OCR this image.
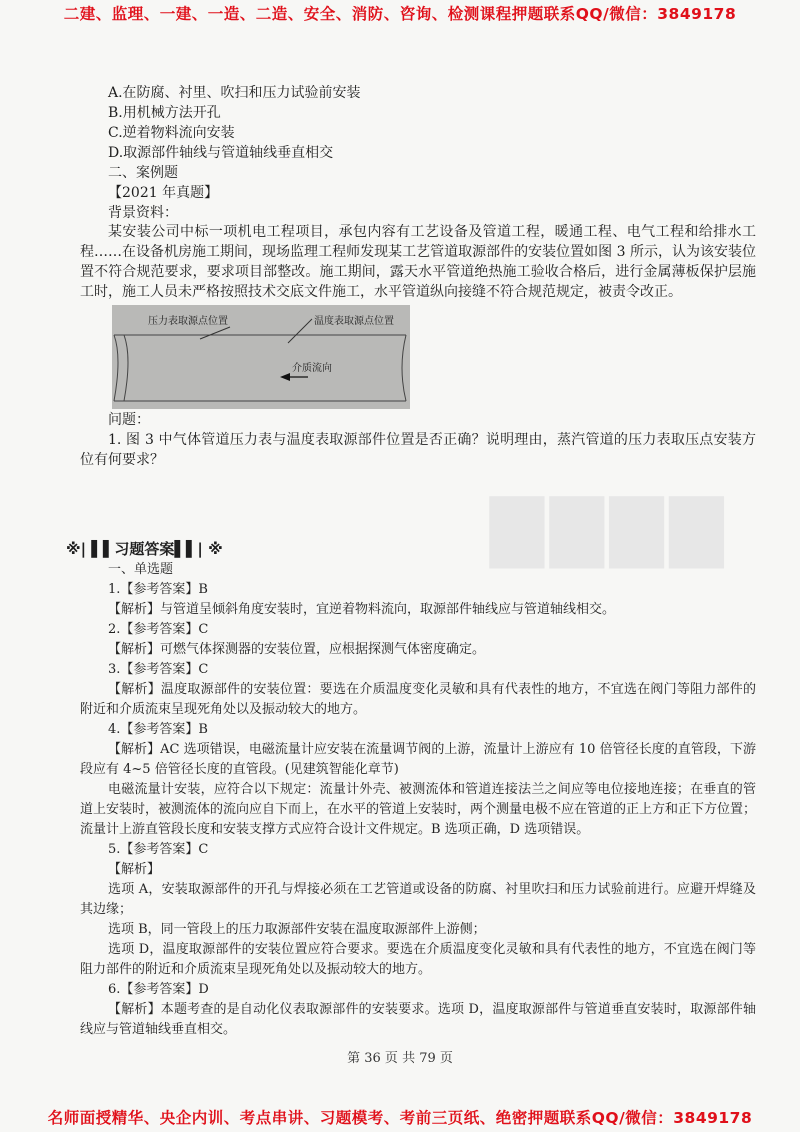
二建、监理、一建、一造、二造、安全、消防、咨询、检测课程押题联系QQ/微信：3849178
▇▇▇▇
A.在防腐、衬里、吹扫和压力试验前安装
B.用机械方法开孔
C.逆着物料流向安装
D.取源部件轴线与管道轴线垂直相交
二、案例题
【2021 年真题】
背景资料：
某安装公司中标一项机电工程项目，承包内容有工艺设备及管道工程，暖通工程、电气工程和给排水工程……在设备机房施工期间，现场监理工程师发现某工艺管道取源部件的安装位置如图 3 所示，认为该安装位置不符合规范要求，要求项目部整改。施工期间，露天水平管道绝热施工验收合格后，进行金属薄板保护层施工时，施工人员未严格按照技术交底文件施工，水平管道纵向接缝不符合规范规定，被责令改正。
压力表取源点位置	温度表取源点位置
介质流向
问题：
1. 图 3 中气体管道压力表与温度表取源部件位置是否正确？说明理由，蒸汽管道的压力表取压点安装方位有何要求？
※| ▌▌习题答案▌▌| ※
一、单选题
1.【参考答案】B
【解析】与管道呈倾斜角度安装时，宜逆着物料流向，取源部件轴线应与管道轴线相交。
2.【参考答案】C
【解析】可燃气体探测器的安装位置，应根据探测气体密度确定。
3.【参考答案】C
【解析】温度取源部件的安装位置：要选在介质温度变化灵敏和具有代表性的地方，不宜选在阀门等阻力部件的附近和介质流束呈现死角处以及振动较大的地方。
4.【参考答案】B
【解析】AC 选项错误，电磁流量计应安装在流量调节阀的上游，流量计上游应有 10 倍管径长度的直管段，下游段应有 4~5 倍管径长度的直管段。(见建筑智能化章节)
电磁流量计安装，应符合以下规定：流量计外壳、被测流体和管道连接法兰之间应等电位接地连接；在垂直的管道上安装时，被测流体的流向应自下而上，在水平的管道上安装时，两个测量电极不应在管道的正上方和正下方位置；流量计上游直管段长度和安装支撑方式应符合设计文件规定。B 选项正确，D 选项错误。
5.【参考答案】C
【解析】
选项 A，安装取源部件的开孔与焊接必须在工艺管道或设备的防腐、衬里吹扫和压力试验前进行。应避开焊缝及其边缘；
选项 B，同一管段上的压力取源部件安装在温度取源部件上游侧；
选项 D，温度取源部件的安装位置应符合要求。要选在介质温度变化灵敏和具有代表性的地方，不宜选在阀门等阻力部件的附近和介质流束呈现死角处以及振动较大的地方。
6.【参考答案】D
【解析】本题考查的是自动化仪表取源部件的安装要求。选项 D，温度取源部件与管道垂直安装时，取源部件轴线应与管道轴线垂直相交。
第 36 页 共 79 页
名师面授精华、央企内训、考点串讲、习题模考、考前三页纸、绝密押题联系QQ/微信：3849178
